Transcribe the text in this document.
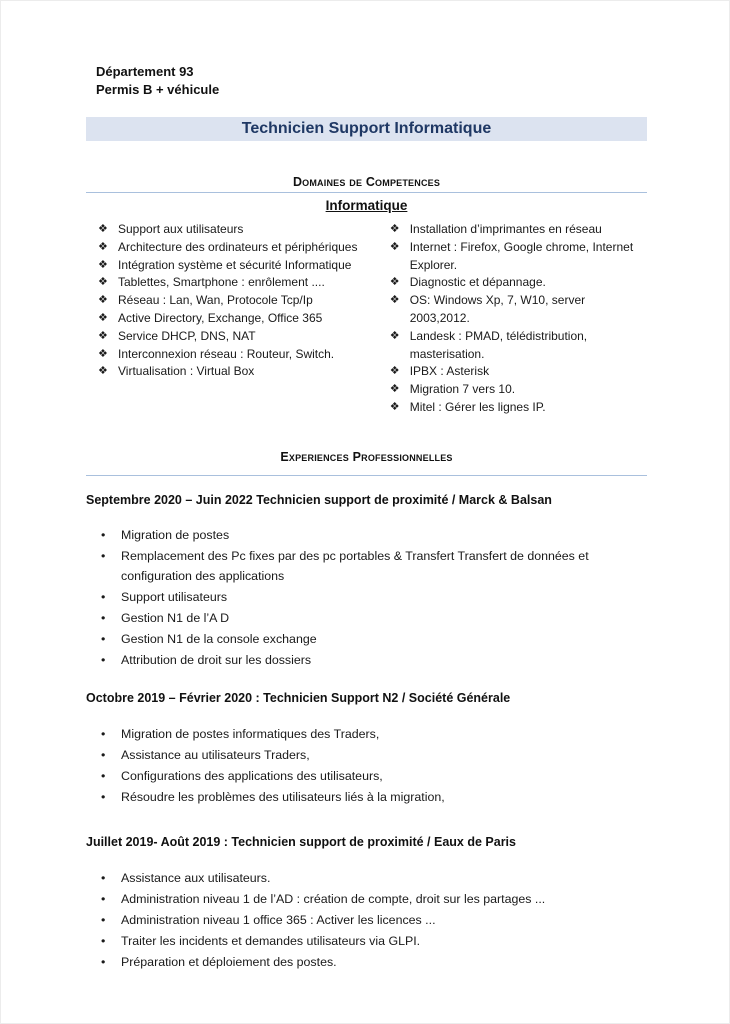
Département 93
Permis B + véhicule
Technicien Support Informatique
Domaines de Competences
Informatique
❖ Support aux utilisateurs
❖ Architecture des ordinateurs et périphériques
❖ Intégration système et sécurité Informatique
❖ Tablettes, Smartphone : enrôlement ....
❖ Réseau : Lan, Wan, Protocole Tcp/Ip
❖ Active Directory, Exchange, Office 365
❖ Service DHCP, DNS, NAT
❖ Interconnexion réseau : Routeur, Switch.
❖ Virtualisation : Virtual Box
❖ Installation d’imprimantes en réseau
❖ Internet : Firefox, Google chrome, Internet Explorer.
❖ Diagnostic et dépannage.
❖ OS: Windows Xp, 7, W10, server 2003,2012.
❖ Landesk : PMAD, télédistribution, masterisation.
❖ IPBX : Asterisk
❖ Migration 7 vers 10.
❖ Mitel : Gérer les lignes IP.
Experiences Professionnelles
Septembre 2020 – Juin 2022 Technicien support de proximité / Marck & Balsan
•	Migration de postes
•	Remplacement des Pc fixes par des pc portables & Transfert Transfert de données et configuration des applications
•	Support utilisateurs
•	Gestion N1 de l’A D
•	Gestion N1 de la console exchange
•	Attribution de droit sur les dossiers
Octobre 2019 – Février 2020 : Technicien Support N2 / Société Générale
•	Migration de postes informatiques des Traders,
•	Assistance au utilisateurs Traders,
•	Configurations des applications des utilisateurs,
•	Résoudre les problèmes des utilisateurs liés à la migration,
Juillet 2019- Août 2019 : Technicien support de proximité / Eaux de Paris
•	Assistance aux utilisateurs.
•	Administration niveau 1 de l’AD : création de compte, droit sur les partages ...
•	Administration niveau 1 office 365 : Activer les licences ...
•	Traiter les incidents et demandes utilisateurs via GLPI.
•	Préparation et déploiement des postes.
